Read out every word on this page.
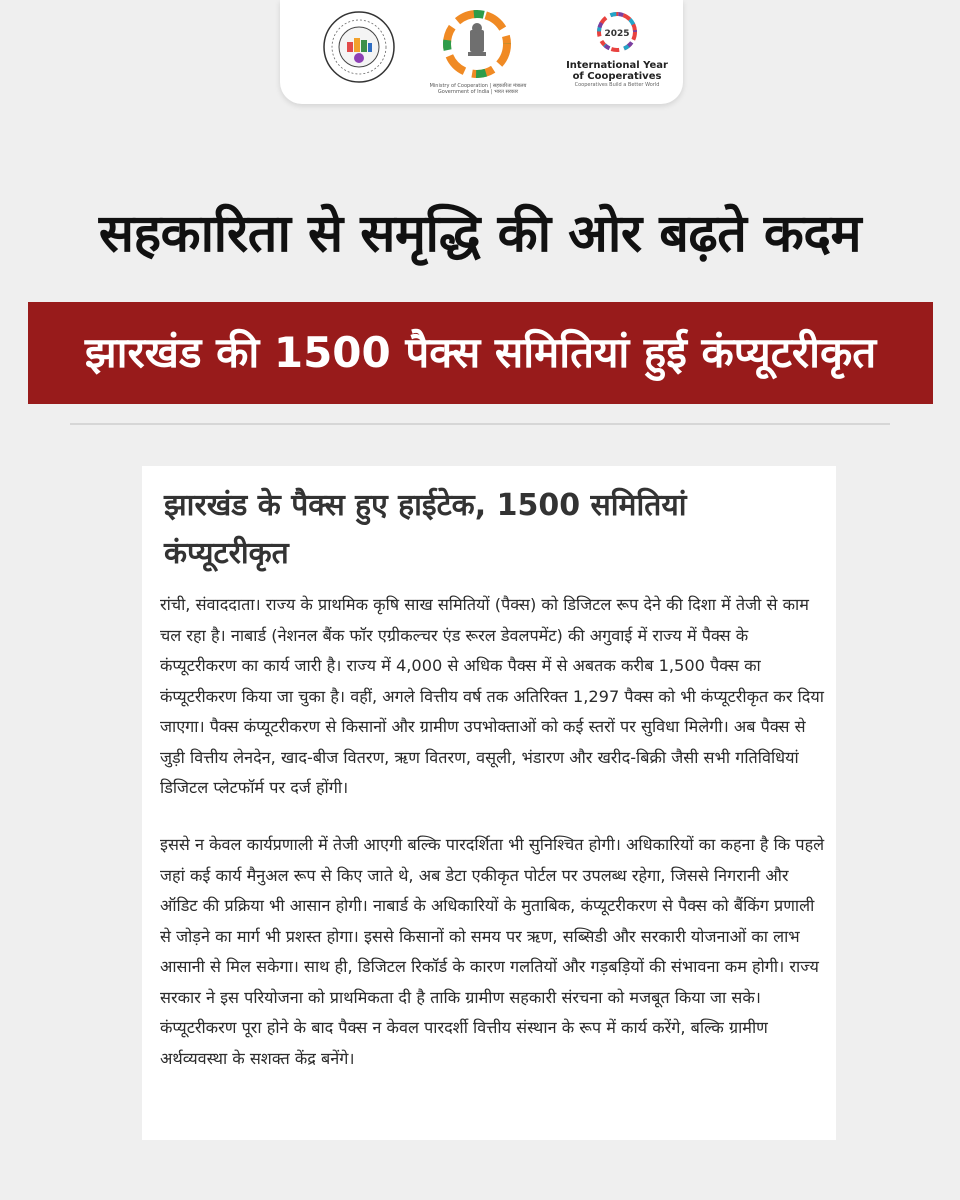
Ministry of Cooperation | सहकारिता मंत्रालय Government of India | भारत सरकार
2025
International Year
of Cooperatives
Cooperatives Build a Better World
सहकारिता से समृद्धि की ओर बढ़ते कदम
झारखंड की 1500 पैक्स समितियां हुई कंप्यूटरीकृत
झारखंड के पैक्स हुए हाईटेक, 1500 समितियां कंप्यूटरीकृत
रांची, संवाददाता। राज्य के प्राथमिक कृषि साख समितियों (पैक्स) को डिजिटल रूप देने की दिशा में तेजी से काम चल रहा है। नाबार्ड (नेशनल बैंक फॉर एग्रीकल्चर एंड रूरल डेवलपमेंट) की अगुवाई में राज्य में पैक्स के कंप्यूटरीकरण का कार्य जारी है। राज्य में 4,000 से अधिक पैक्स में से अबतक करीब 1,500 पैक्स का कंप्यूटरीकरण किया जा चुका है। वहीं, अगले वित्तीय वर्ष तक अतिरिक्त 1,297 पैक्स को भी कंप्यूटरीकृत कर दिया जाएगा। पैक्स कंप्यूटरीकरण से किसानों और ग्रामीण उपभोक्ताओं को कई स्तरों पर सुविधा मिलेगी। अब पैक्स से जुड़ी वित्तीय लेनदेन, खाद-बीज वितरण, ऋण वितरण, वसूली, भंडारण और खरीद-बिक्री जैसी सभी गतिविधियां डिजिटल प्लेटफॉर्म पर दर्ज होंगी।
इससे न केवल कार्यप्रणाली में तेजी आएगी बल्कि पारदर्शिता भी सुनिश्चित होगी। अधिकारियों का कहना है कि पहले जहां कई कार्य मैनुअल रूप से किए जाते थे, अब डेटा एकीकृत पोर्टल पर उपलब्ध रहेगा, जिससे निगरानी और ऑडिट की प्रक्रिया भी आसान होगी। नाबार्ड के अधिकारियों के मुताबिक, कंप्यूटरीकरण से पैक्स को बैंकिंग प्रणाली से जोड़ने का मार्ग भी प्रशस्त होगा। इससे किसानों को समय पर ऋण, सब्सिडी और सरकारी योजनाओं का लाभ आसानी से मिल सकेगा। साथ ही, डिजिटल रिकॉर्ड के कारण गलतियों और गड़बड़ियों की संभावना कम होगी। राज्य सरकार ने इस परियोजना को प्राथमिकता दी है ताकि ग्रामीण सहकारी संरचना को मजबूत किया जा सके। कंप्यूटरीकरण पूरा होने के बाद पैक्स न केवल पारदर्शी वित्तीय संस्थान के रूप में कार्य करेंगे, बल्कि ग्रामीण अर्थव्यवस्था के सशक्त केंद्र बनेंगे।
